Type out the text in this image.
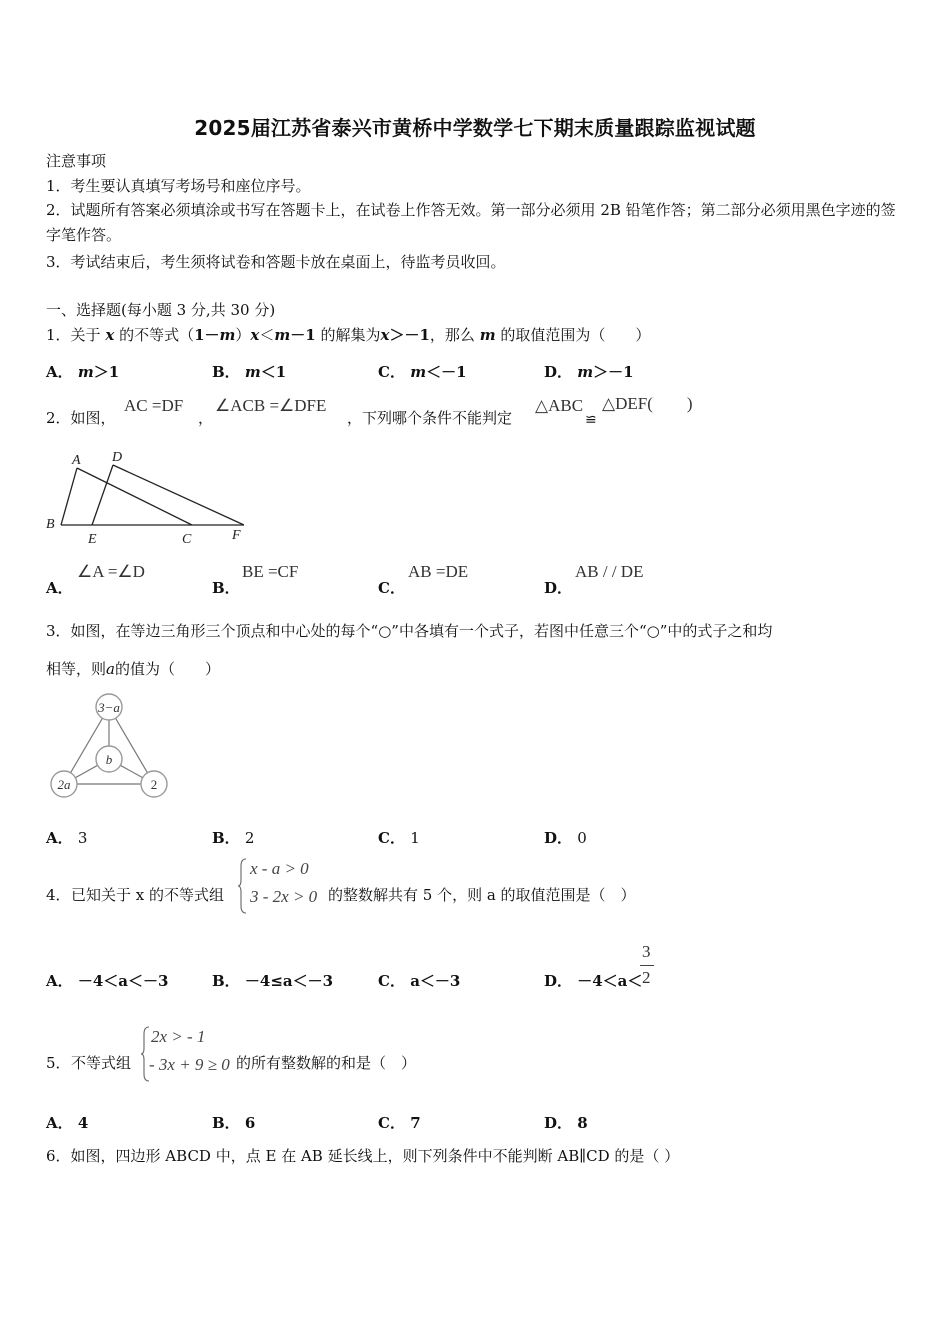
2025届江苏省泰兴市黄桥中学数学七下期末质量跟踪监视试题
注意事项
1．考生要认真填写考场号和座位序号。
2．试题所有答案必须填涂或书写在答题卡上，在试卷上作答无效。第一部分必须用 2B 铅笔作答；第二部分必须用黑色字迹的签字笔作答。
3．考试结束后，考生须将试卷和答题卡放在桌面上，待监考员收回。
一、选择题(每小题 3 分,共 30 分)
1．关于 x 的不等式（1－m）x＜m－1 的解集为x＞－1，那么 m 的取值范围为（　　）
A． m＞1	B． m＜1	C． m＜－1	D． m＞－1
2．如图，
AC =DF
，
∠ACB =∠DFE
，下列哪个条件不能判定
△ABC
≌
△DEF(　　)
A D
B
E	C	F
A．
∠A =∠D
B．
BE =CF
C．
AB =DE
D．
AB / / DE
3．如图，在等边三角形三个顶点和中心处的每个“○”中各填有一个式子，若图中任意三个“○”中的式子之和均
相等，则a的值为（　　）
3−a
b
2a	2
A． 3	B． 2	C． 1	D． 0
4． 已知关于 x 的不等式组
x - a > 0
3 - 2x > 0 的整数解共有 5 个，则 a 的取值范围是（　）
A． －4＜a＜－3	B． －4≤a＜－3	C． a＜－3	D． －4＜a＜
3
2
5． 不等式组
2x > - 1
- 3x + 9 ≥ 0 的所有整数解的和是（　）
A． 4	B． 6	C． 7	D． 8
6．如图，四边形 ABCD 中，点 E 在 AB 延长线上，则下列条件中不能判断 AB∥CD 的是（ ）
